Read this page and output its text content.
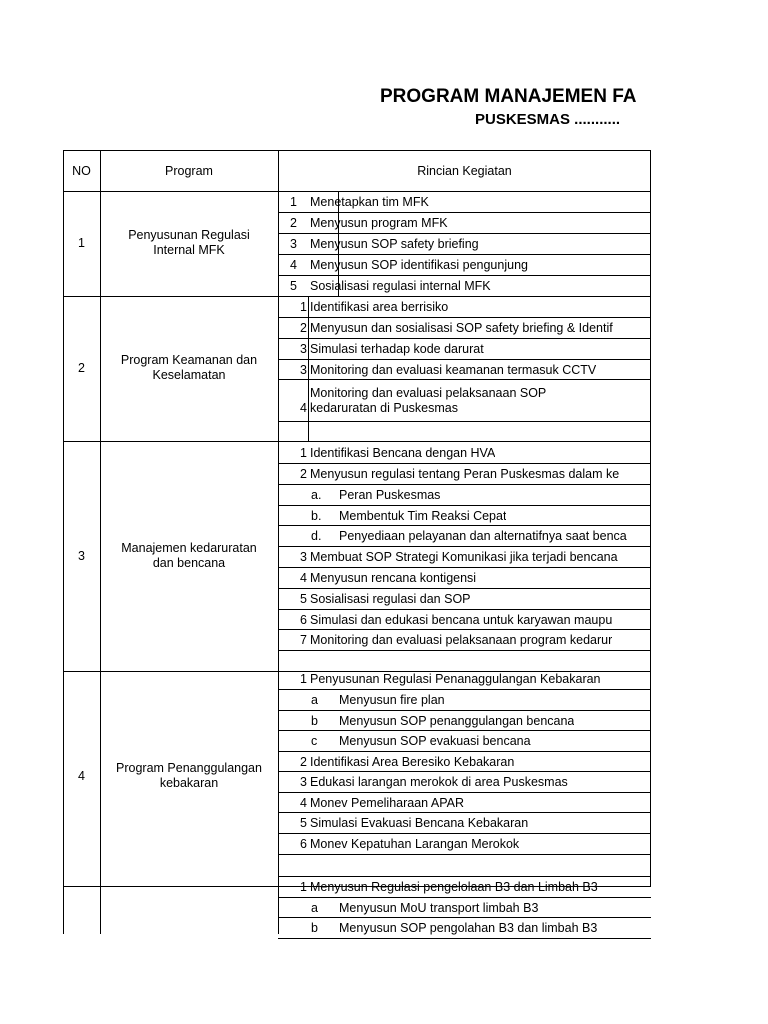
PROGRAM MANAJEMEN FA
PUSKESMAS ...........
NO	Program	Rincian Kegiatan
1
Penyusunan Regulasi Internal MFK
1 Menetapkan tim MFK
2 Menyusun program MFK
3 Menyusun SOP safety briefing
4 Menyusun SOP identifikasi pengunjung
5 Sosialisasi regulasi internal MFK
2
Program Keamanan dan Keselamatan
1 Identifikasi area berrisiko
2 Menyusun dan sosialisasi SOP safety briefing & Identif
3 Simulasi terhadap kode darurat
3 Monitoring dan evaluasi keamanan termasuk CCTV
4
Monitoring dan evaluasi pelaksanaan SOP kedaruratan di Puskesmas
3
Manajemen kedaruratan dan bencana
1 Identifikasi Bencana dengan HVA
2 Menyusun regulasi tentang Peran Puskesmas dalam ke
a. Peran Puskesmas
b. Membentuk Tim Reaksi Cepat
d. Penyediaan pelayanan dan alternatifnya saat benca
3 Membuat SOP Strategi Komunikasi jika terjadi bencana
4 Menyusun rencana kontigensi
5 Sosialisasi regulasi dan SOP
6 Simulasi dan edukasi bencana untuk karyawan maupu
7 Monitoring dan evaluasi pelaksanaan program kedarur
4
Program Penanggulangan kebakaran
1 Penyusunan Regulasi Penanaggulangan Kebakaran
a Menyusun fire plan
b Menyusun SOP penanggulangan bencana
c Menyusun SOP evakuasi bencana
2 Identifikasi Area Beresiko Kebakaran
3 Edukasi larangan merokok di area Puskesmas
4 Monev Pemeliharaan APAR
5 Simulasi Evakuasi Bencana Kebakaran
6 Monev Kepatuhan Larangan Merokok
1 Menyusun Regulasi pengelolaan B3 dan Limbah B3
a Menyusun MoU transport limbah B3
b Menyusun SOP pengolahan B3 dan limbah B3
